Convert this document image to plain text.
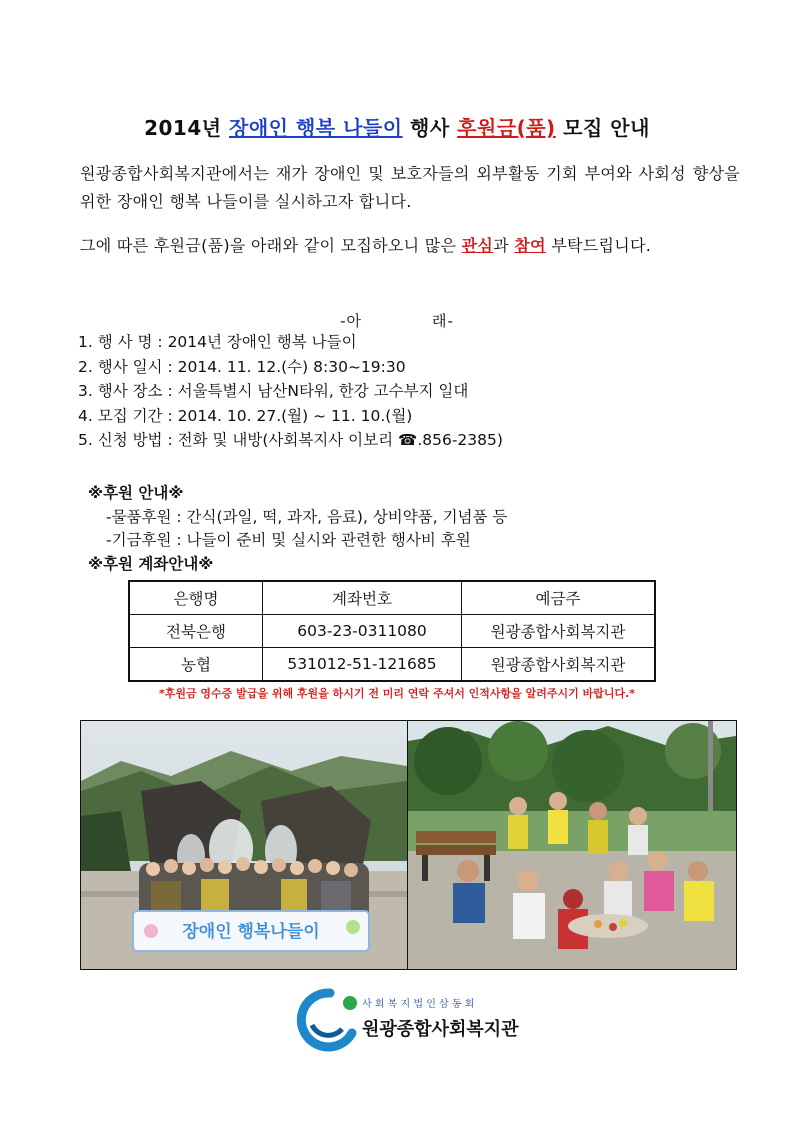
2014년 장애인 행복 나들이 행사 후원금(품) 모집 안내
원광종합사회복지관에서는 재가 장애인 및 보호자들의 외부활동 기회 부여와 사회성 향상을 위한 장애인 행복 나들이를 실시하고자 합니다.
그에 따른 후원금(품)을 아래와 같이 모집하오니 많은 관심과 참여 부탁드립니다.
-아	래-
1. 행 사 명 : 2014년 장애인 행복 나들이
2. 행사 일시 : 2014. 11. 12.(수) 8:30~19:30
3. 행사 장소 : 서울특별시 남산N타워, 한강 고수부지 일대
4. 모집 기간 : 2014. 10. 27.(월) ~ 11. 10.(월)
5. 신청 방법 : 전화 및 내방(사회복지사 이보리 ☎.856-2385)
※후원 안내※
-물품후원 : 간식(과일, 떡, 과자, 음료), 상비약품, 기념품 등
-기금후원 : 나들이 준비 및 실시와 관련한 행사비 후원
※후원 계좌안내※
은행명	계좌번호	예금주
전북은행	603-23-0311080	원광종합사회복지관
농협	531012-51-121685	원광종합사회복지관
*후원금 영수증 발급을 위해 후원을 하시기 전 미리 연락 주셔서 인적사항을 알려주시기 바랍니다.*
장애인 행복나들이
사 회 복 지 법 인 삼 동 회
원광종합사회복지관
